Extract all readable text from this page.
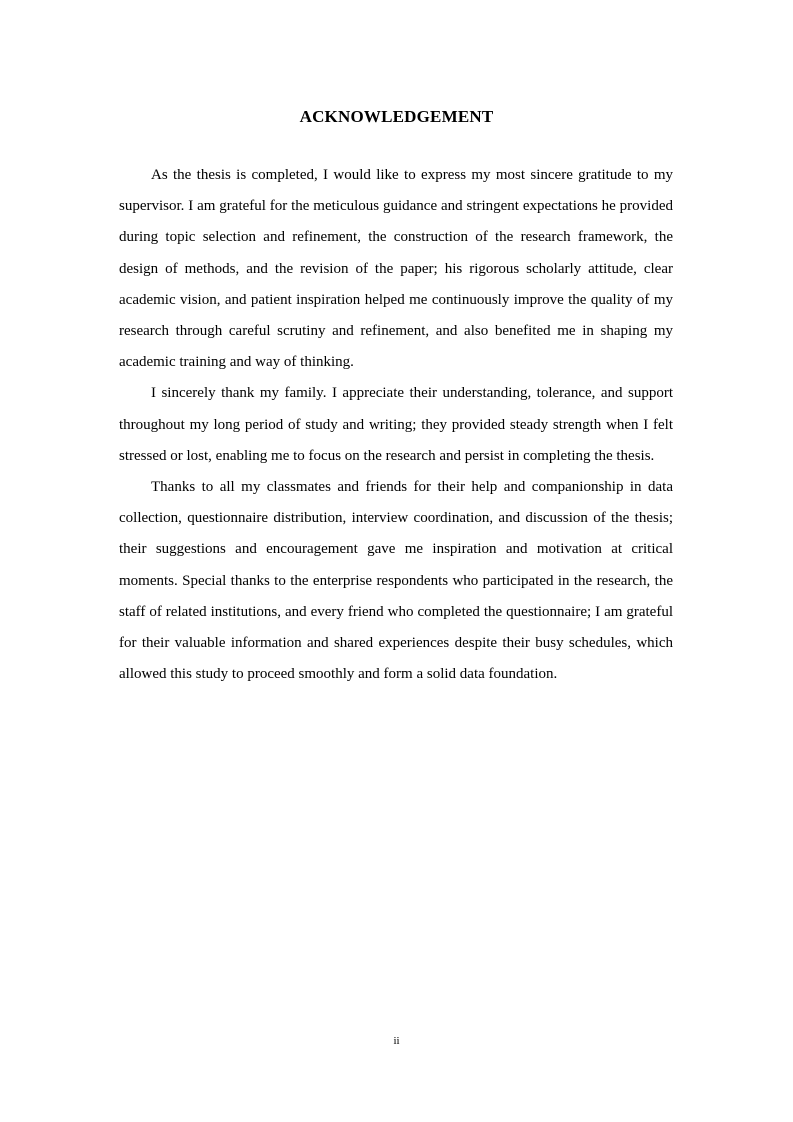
ACKNOWLEDGEMENT

As the thesis is completed, I would like to express my most sincere gratitude to my supervisor. I am grateful for the meticulous guidance and stringent expectations he provided during topic selection and refinement, the construction of the research framework, the design of methods, and the revision of the paper; his rigorous scholarly attitude, clear academic vision, and patient inspiration helped me continuously improve the quality of my research through careful scrutiny and refinement, and also benefited me in shaping my academic training and way of thinking.

I sincerely thank my family. I appreciate their understanding, tolerance, and support throughout my long period of study and writing; they provided steady strength when I felt stressed or lost, enabling me to focus on the research and persist in completing the thesis.

Thanks to all my classmates and friends for their help and companionship in data collection, questionnaire distribution, interview coordination, and discussion of the thesis; their suggestions and encouragement gave me inspiration and motivation at critical moments. Special thanks to the enterprise respondents who participated in the research, the staff of related institutions, and every friend who completed the questionnaire; I am grateful for their valuable information and shared experiences despite their busy schedules, which allowed this study to proceed smoothly and form a solid data foundation.

ii
